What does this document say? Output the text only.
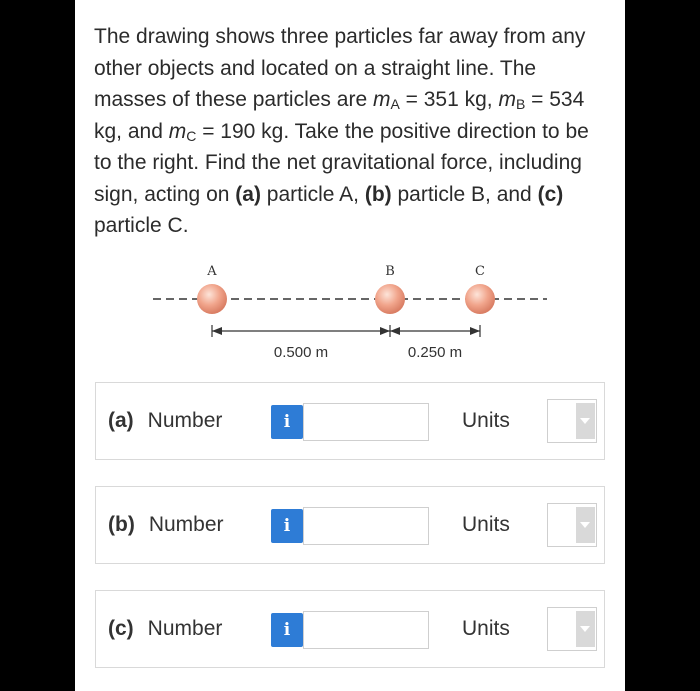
The drawing shows three particles far away from any other objects and located on a straight line. The masses of these particles are $m_A = 351$ kg, $m_B = 534$ kg, and $m_C = 190$ kg. Take the positive direction to be to the right. Find the net gravitational force, including sign, acting on (a) particle A, (b) particle B, and (c) particle C.
A	B	C
0.500 m	0.250 m
(a) Number	i	Units
(b) Number	i	Units
(c) Number	i	Units
